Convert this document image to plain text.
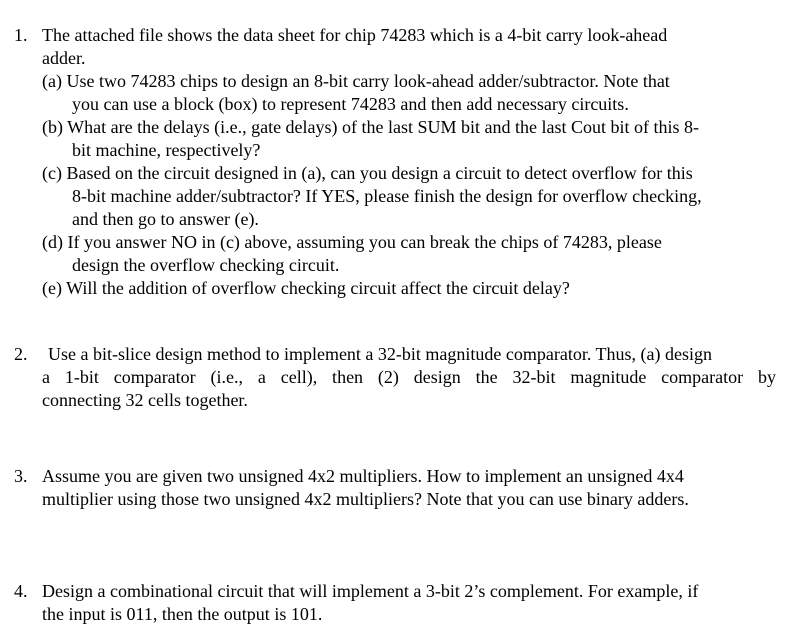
1. The attached file shows the data sheet for chip 74283 which is a 4-bit carry look-ahead
adder.
(a) Use two 74283 chips to design an 8-bit carry look-ahead adder/subtractor. Note that
you can use a block (box) to represent 74283 and then add necessary circuits.
(b) What are the delays (i.e., gate delays) of the last SUM bit and the last Cout bit of this 8-
bit machine, respectively?
(c) Based on the circuit designed in (a), can you design a circuit to detect overflow for this
8-bit machine adder/subtractor? If YES, please finish the design for overflow checking,
and then go to answer (e).
(d) If you answer NO in (c) above, assuming you can break the chips of 74283, please
design the overflow checking circuit.
(e) Will the addition of overflow checking circuit affect the circuit delay?
2. Use a bit-slice design method to implement a 32-bit magnitude comparator. Thus, (a) design
a 1-bit comparator (i.e., a cell), then (2) design the 32-bit magnitude comparator by
connecting 32 cells together.
3. Assume you are given two unsigned 4x2 multipliers. How to implement an unsigned 4x4
multiplier using those two unsigned 4x2 multipliers? Note that you can use binary adders.
4. Design a combinational circuit that will implement a 3-bit 2’s complement. For example, if
the input is 011, then the output is 101.
